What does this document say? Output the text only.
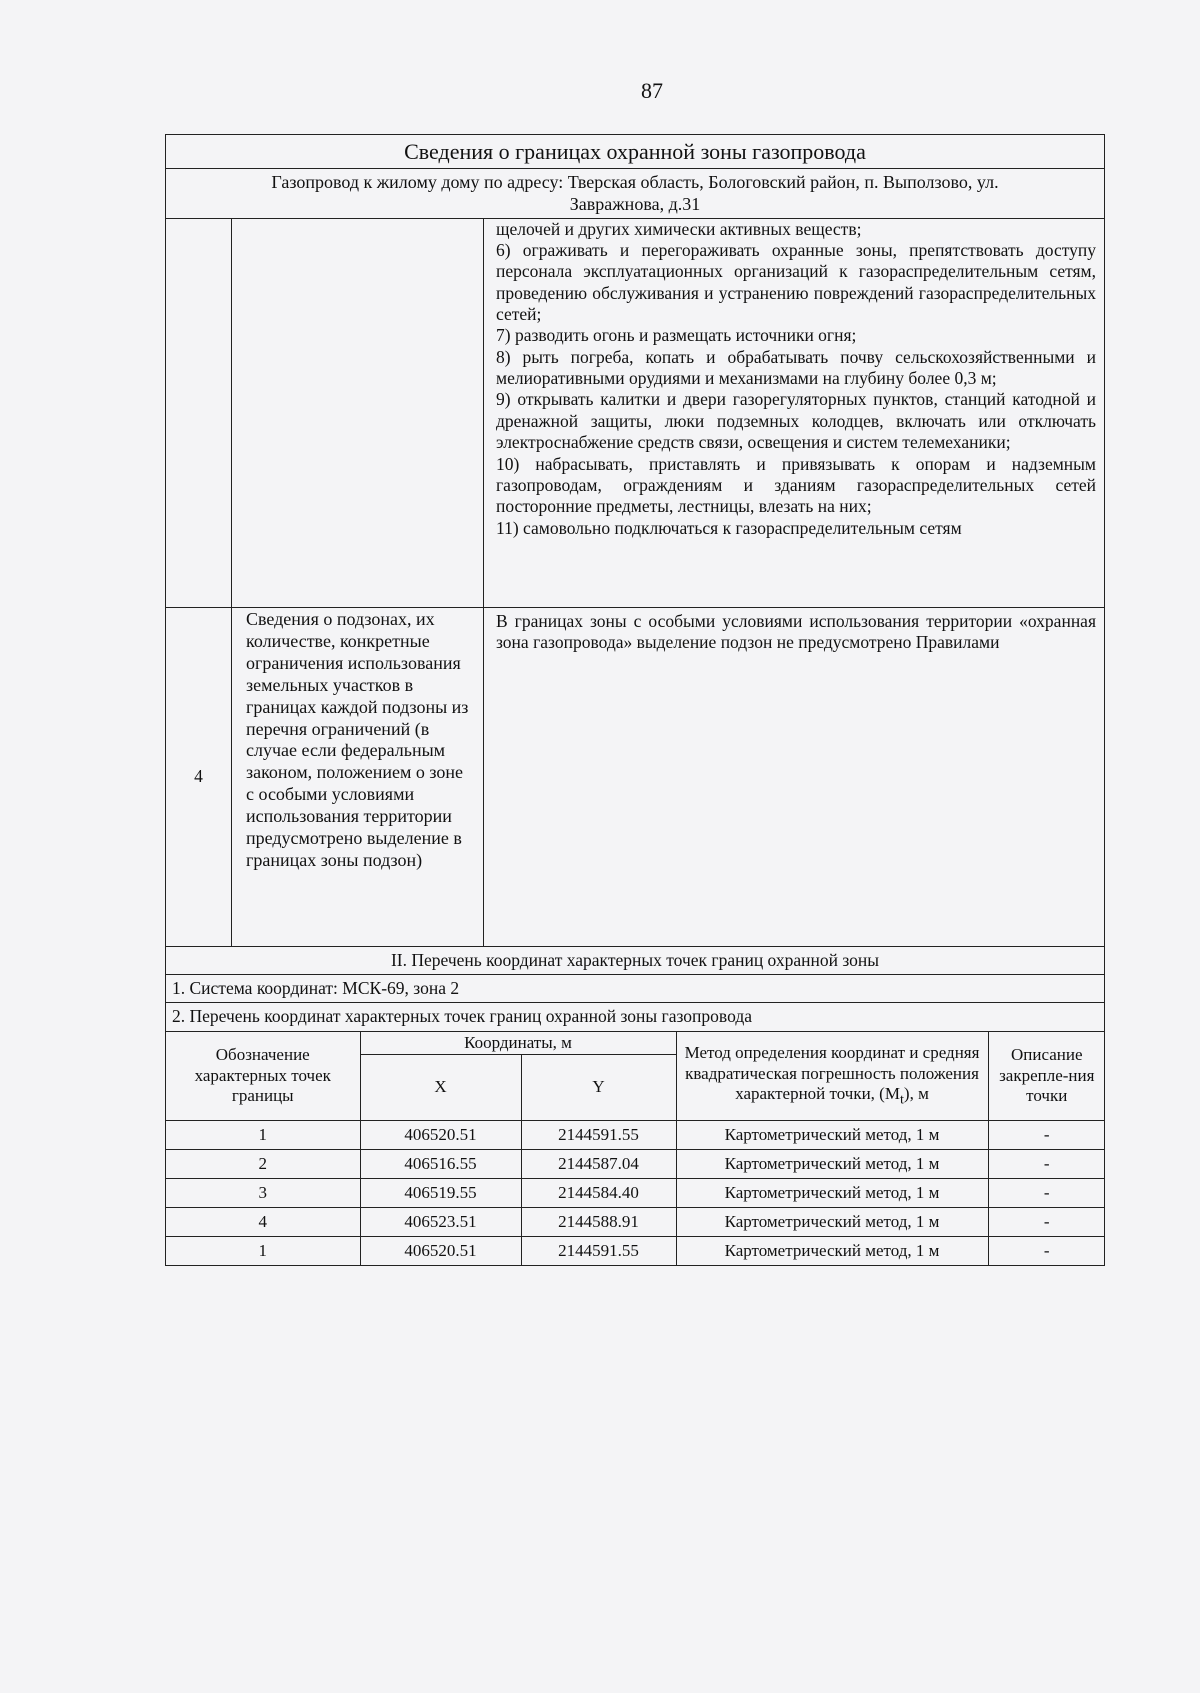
87
Сведения о границах охранной зоны газопровода
Газопровод к жилому дому по адресу: Тверская область, Бологовский район, п. Выползово, ул. Завражнова, д.31

щелочей и других химически активных веществ;

6) ограживать и перегораживать охранные зоны, препятствовать доступу персонала эксплуатационных организаций к газораспределительным сетям, проведению обслуживания и устранению повреждений газораспределительных сетей;

7) разводить огонь и размещать источники огня;

8) рыть погреба, копать и обрабатывать почву сельскохозяйственными и мелиоративными орудиями и механизмами на глубину более 0,3 м;

9) открывать калитки и двери газорегуляторных пунктов, станций катодной и дренажной защиты, люки подземных колодцев, включать или отключать электроснабжение средств связи, освещения и систем телемеханики;

10) набрасывать, приставлять и привязывать к опорам и надземным газопроводам, ограждениям и зданиям газораспределительных сетей посторонние предметы, лестницы, влезать на них;

11) самовольно подключаться к газораспределительным сетям

4	Сведения о подзонах, их количестве, конкретные ограничения использования земельных участков в границах каждой подзоны из перечня ограничений (в случае если федеральным законом, положением о зоне с особыми условиями использования территории предусмотрено выделение в границах зоны подзон)	В границах зоны с особыми условиями использования территории «охранная зона газопровода» выделение подзон не предусмотрено Правилами
II. Перечень координат характерных точек границ охранной зоны
1. Система координат: МСК-69, зона 2
2. Перечень координат характерных точек границ охранной зоны газопровода

Обозначение характерных точек границы	Координаты, м	Метод определения координат и средняя квадратическая погрешность положения характерной точки, $(M_t)$, м	Описание закрепле-ния точки
X	Y
1	406520.51	2144591.55	Картометрический метод, 1 м	-
2	406516.55	2144587.04	Картометрический метод, 1 м	-
3	406519.55	2144584.40	Картометрический метод, 1 м	-
4	406523.51	2144588.91	Картометрический метод, 1 м	-
1	406520.51	2144591.55	Картометрический метод, 1 м	-
